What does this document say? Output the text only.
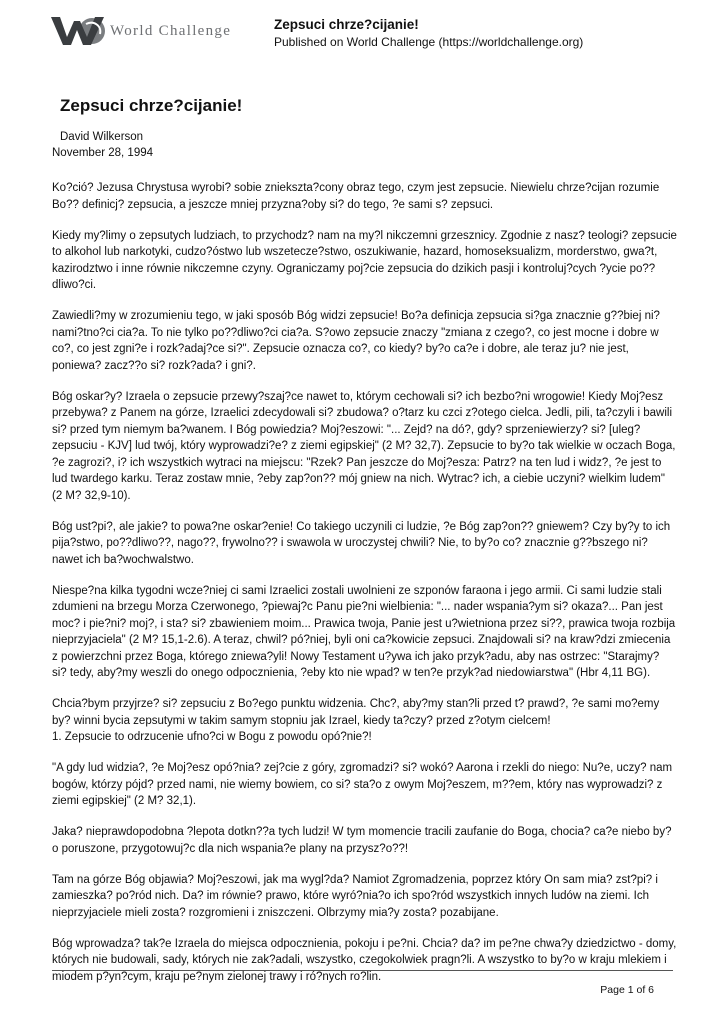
World Challenge	Zepsuci chrze?cijanie!
Published on World Challenge (https://worldchallenge.org)
Zepsuci chrze?cijanie!
David Wilkerson
November 28, 1994

Ko?ció? Jezusa Chrystusa wyrobi? sobie znieksztа?cony obraz tego, czym jest zepsucie. Niewielu chrze?cijan rozumie Bo?? definicj? zepsucia, a jeszcze mniej przyzna?oby si? do tego, ?e sami s? zepsuci.

Kiedy my?limy o zepsutych ludziach, to przychodz? nam na my?l nikczemni grzesznicy. Zgodnie z nasz? teologi? zepsucie to alkohol lub narkotyki, cudzo?óstwo lub wszetecze?stwo, oszukiwanie, hazard, homoseksualizm, morderstwo, gwa?t, kazirodztwo i inne równie nikczemne czyny. Ograniczamy poj?cie zepsucia do dzikich pasji i kontroluj?cych ?ycie po??dliwo?ci.

Zawiedli?my w zrozumieniu tego, w jaki sposób Bóg widzi zepsucie! Bo?a definicja zepsucia si?ga znacznie g??biej ni? nami?tno?ci cia?a. To nie tylko po??dliwo?ci cia?a. S?owo zepsucie znaczy "zmiana z czego?, co jest mocne i dobre w co?, co jest zgni?e i rozk?adaj?ce si?". Zepsucie oznacza co?, co kiedy? by?o ca?e i dobre, ale teraz ju? nie jest, poniewa? zacz??o si? rozk?ada? i gni?.

Bóg oskar?y? Izraela o zepsucie przewy?szaj?ce nawet to, którym cechowali si? ich bezbo?ni wrogowie! Kiedy Moj?esz przebywa? z Panem na górze, Izraelici zdecydowali si? zbudowa? o?tarz ku czci z?otego cielca. Jedli, pili, ta?czyli i bawili si? przed tym niemym ba?wanem. I Bóg powiedzia? Moj?eszowi: "... Zejd? na dó?, gdy? sprzeniewierzy? si? [uleg? zepsuciu - KJV] lud twój, który wyprowadzi?e? z ziemi egipskiej" (2 M? 32,7). Zepsucie to by?o tak wielkie w oczach Boga, ?e zagrozi?, i? ich wszystkich wytraci na miejscu: "Rzek? Pan jeszcze do Moj?esza: Patrz? na ten lud i widz?, ?e jest to lud twardego karku. Teraz zostaw mnie, ?eby zap?on?? mój gniew na nich. Wytrac? ich, a ciebie uczyni? wielkim ludem" (2 M? 32,9-10).

Bóg ust?pi?, ale jakie? to powa?ne oskar?enie! Co takiego uczynili ci ludzie, ?e Bóg zap?on?? gniewem? Czy by?y to ich pija?stwo, po??dliwo??, nago??, frywolno?? i swawola w uroczystej chwili? Nie, to by?o co? znacznie g??bszego ni? nawet ich ba?wochwalstwo.

Niespe?na kilka tygodni wcze?niej ci sami Izraelici zostali uwolnieni ze szponów faraona i jego armii. Ci sami ludzie stali zdumieni na brzegu Morza Czerwonego, ?piewaj?c Panu pie?ni wielbienia: "... nader wspania?ym si? okaza?... Pan jest moc? i pie?ni? moj?, i sta? si? zbawieniem moim... Prawica twoja, Panie jest u?wietniona przez si??, prawica twoja rozbija nieprzyjaciela" (2 M? 15,1-2.6). A teraz, chwil? pó?niej, byli oni ca?kowicie zepsuci. Znajdowali si? na kraw?dzi zmiecenia z powierzchni przez Boga, którego zniewa?yli! Nowy Testament u?ywa ich jako przyk?adu, aby nas ostrzec: "Starajmy? si? tedy, aby?my weszli do onego odpocznienia, ?eby kto nie wpad? w ten?e przyk?ad niedowiarstwa" (Hbr 4,11 BG).

Chcia?bym przyjrze? si? zepsuciu z Bo?ego punktu widzenia. Chc?, aby?my stan?li przed t? prawd?, ?e sami mo?emy by? winni bycia zepsutymi w takim samym stopniu jak Izrael, kiedy ta?czy? przed z?otym cielcem!
1. Zepsucie to odrzucenie ufno?ci w Bogu z powodu opó?nie?!

"A gdy lud widzia?, ?e Moj?esz opó?nia? zej?cie z góry, zgromadzi? si? wokó? Aarona i rzekli do niego: Nu?e, uczy? nam bogów, którzy pójd? przed nami, nie wiemy bowiem, co si? sta?o z owym Moj?eszem, m??em, który nas wyprowadzi? z ziemi egipskiej" (2 M? 32,1).

Jaka? nieprawdopodobna ?lepota dotkn??a tych ludzi! W tym momencie tracili zaufanie do Boga, chocia? ca?e niebo by?o poruszone, przygotowuj?c dla nich wspania?e plany na przysz?o??!

Tam na górze Bóg objawia? Moj?eszowi, jak ma wygl?da? Namiot Zgromadzenia, poprzez który On sam mia? zst?pi? i zamieszka? po?ród nich. Da? im równie? prawo, które wyró?nia?o ich spo?ród wszystkich innych ludów na ziemi. Ich nieprzyjaciele mieli zosta? rozgromieni i zniszczeni. Olbrzymy mia?y zosta? pozabijane.

Bóg wprowadza? tak?e Izraela do miejsca odpocznienia, pokoju i pe?ni. Chcia? da? im pe?ne chwa?y dziedzictwo - domy, których nie budowali, sady, których nie zak?adali, wszystko, czegokolwiek pragn?li. A wszystko to by?o w kraju mlekiem i miodem p?yn?cym, kraju pe?nym zielonej trawy i ró?nych ro?lin.

Page 1 of 6
